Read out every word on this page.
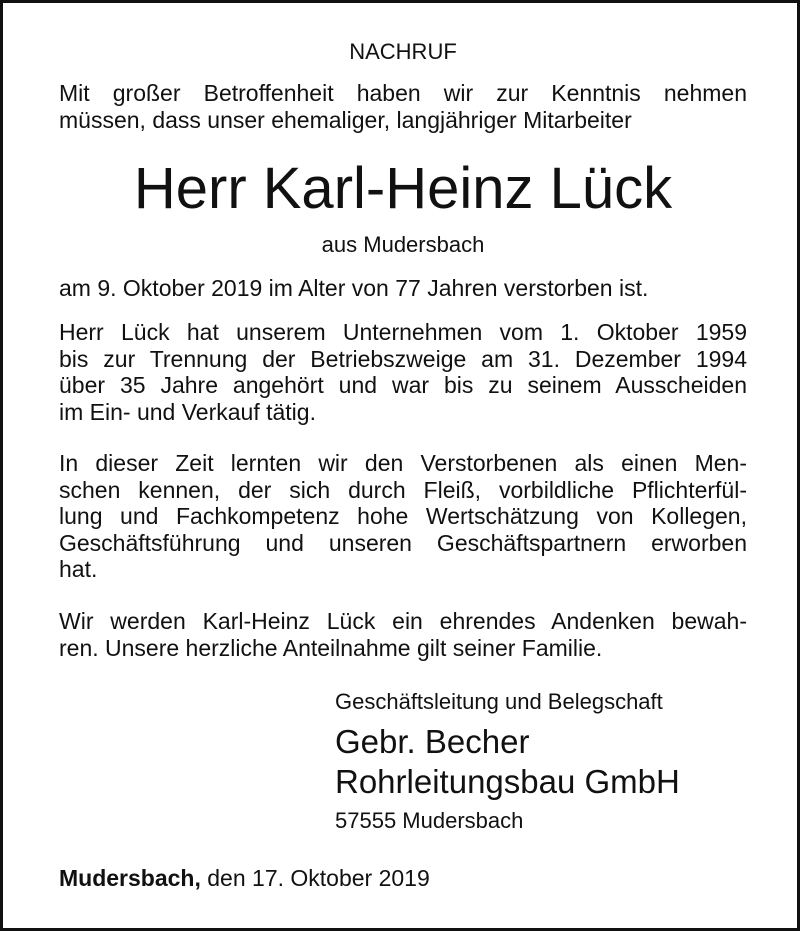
NACHRUF
Mit großer Betroffenheit haben wir zur Kenntnis nehmen
müssen, dass unser ehemaliger, langjähriger Mitarbeiter
Herr Karl-Heinz Lück
aus Mudersbach
am 9. Oktober 2019 im Alter von 77 Jahren verstorben ist.
Herr Lück hat unserem Unternehmen vom 1. Oktober 1959
bis zur Trennung der Betriebszweige am 31. Dezember 1994
über 35 Jahre angehört und war bis zu seinem Ausscheiden
im Ein- und Verkauf tätig.
In dieser Zeit lernten wir den Verstorbenen als einen Men-
schen kennen, der sich durch Fleiß, vorbildliche Pflichterfül-
lung und Fachkompetenz hohe Wertschätzung von Kollegen,
Geschäftsführung und unseren Geschäftspartnern erworben
hat.
Wir werden Karl-Heinz Lück ein ehrendes Andenken bewah-
ren. Unsere herzliche Anteilnahme gilt seiner Familie.
Geschäftsleitung und Belegschaft
Gebr. Becher
Rohrleitungsbau GmbH
57555 Mudersbach
Mudersbach, den 17. Oktober 2019
